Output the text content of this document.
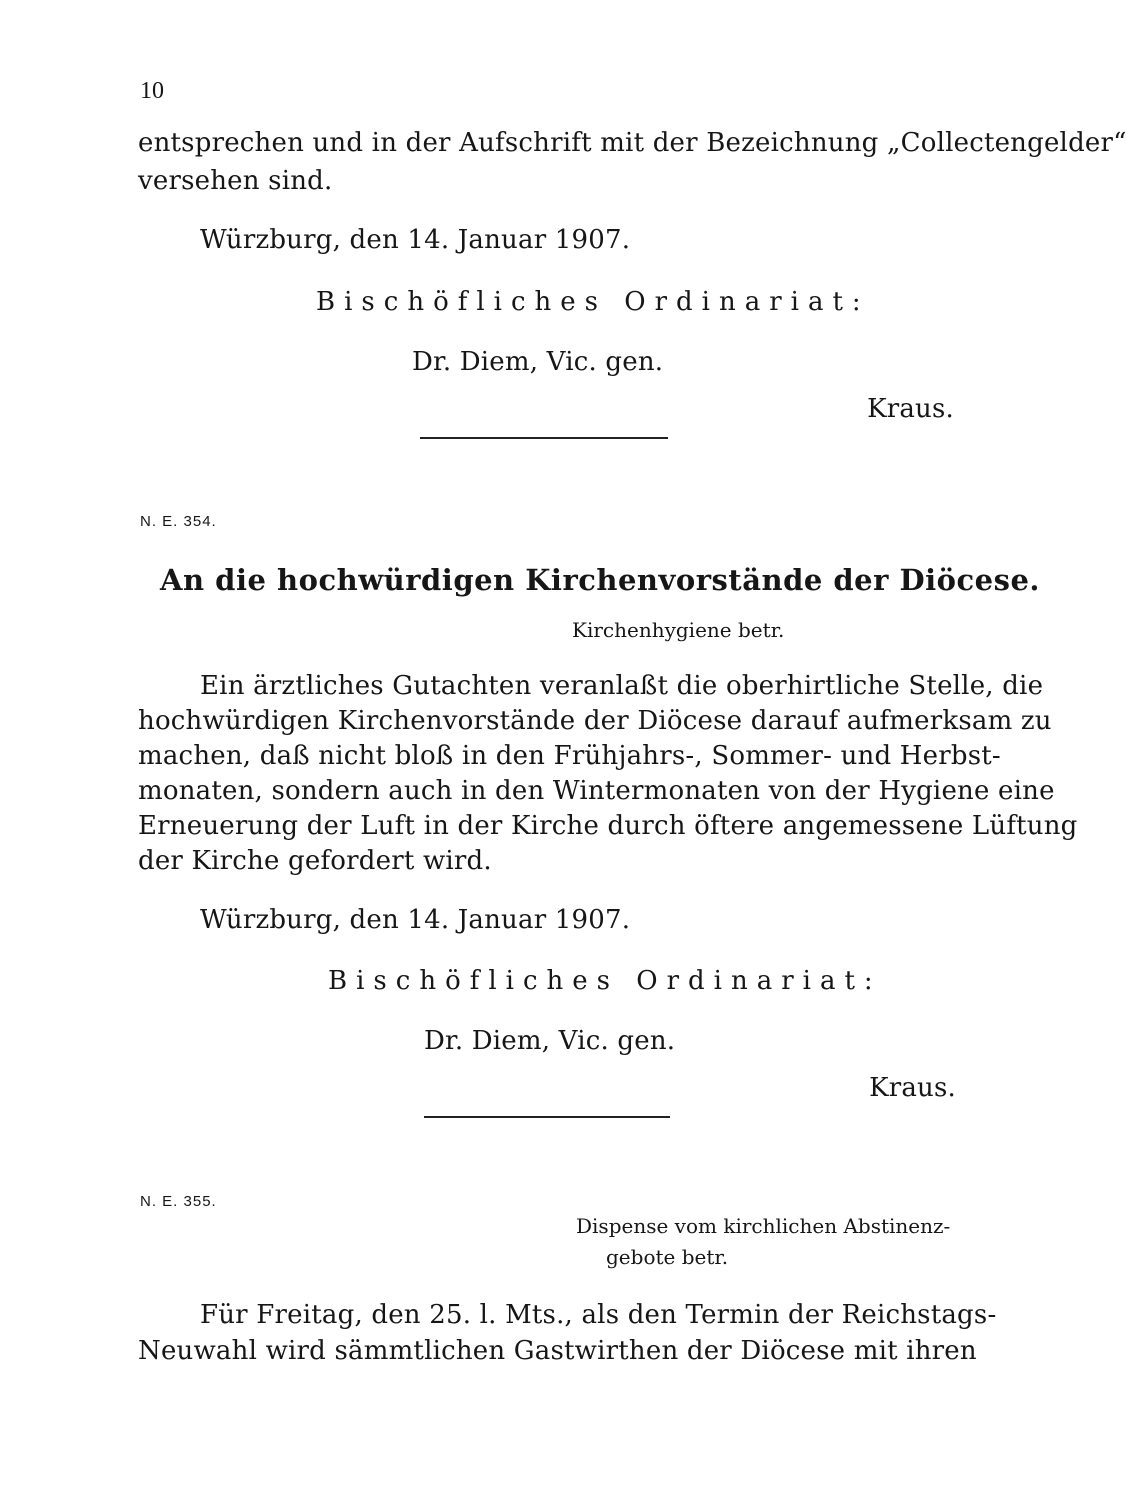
10
entsprechen und in der Aufschrift mit der Bezeichnung „Collectengelder“
versehen sind.
Würzburg, den 14. Januar 1907.
Bischöfliches Ordinariat:
Dr. Diem, Vic. gen.
Kraus.
N. E. 354.
An die hochwürdigen Kirchenvorstände der Diöcese.
Kirchenhygiene betr.
Ein ärztliches Gutachten veranlaßt die oberhirtliche Stelle, die
hochwürdigen Kirchenvorstände der Diöcese darauf aufmerksam zu
machen, daß nicht bloß in den Frühjahrs-, Sommer- und Herbst-
monaten, sondern auch in den Wintermonaten von der Hygiene eine
Erneuerung der Luft in der Kirche durch öftere angemessene Lüftung
der Kirche gefordert wird.
Würzburg, den 14. Januar 1907.
Bischöfliches Ordinariat:
Dr. Diem, Vic. gen.
Kraus.
N. E. 355.
Dispense vom kirchlichen Abstinenz-
gebote betr.
Für Freitag, den 25. l. Mts., als den Termin der Reichstags-
Neuwahl wird sämmtlichen Gastwirthen der Diöcese mit ihren
